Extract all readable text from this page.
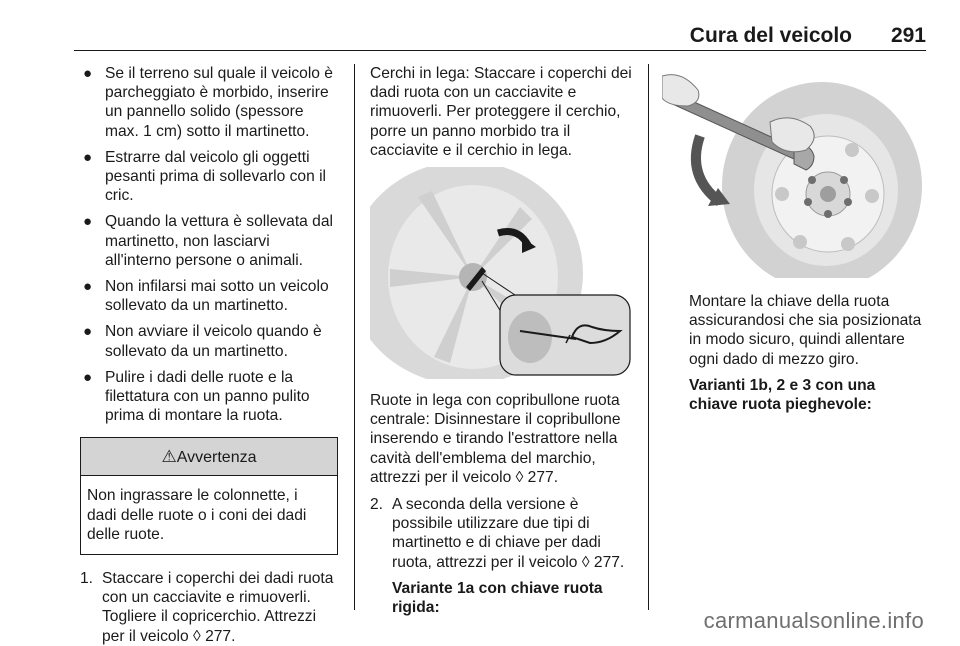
Cura del veicolo 291
● Se il terreno sul quale il veicolo è parcheggiato è morbido, inserire un pannello solido (spessore max. 1 cm) sotto il martinetto.
● Estrarre dal veicolo gli oggetti pesanti prima di sollevarlo con il cric.
● Quando la vettura è sollevata dal martinetto, non lasciarvi all'interno persone o animali.
● Non infilarsi mai sotto un veicolo sollevato da un martinetto.
● Non avviare il veicolo quando è sollevato da un martinetto.
● Pulire i dadi delle ruote e la filettatura con un panno pulito prima di montare la ruota.
⚠Avvertenza
Non ingrassare le colonnette, i dadi delle ruote o i coni dei dadi delle ruote.
1. Staccare i coperchi dei dadi ruota con un cacciavite e rimuoverli. Togliere il copricerchio. Attrezzi per il veicolo ◊ 277.

Cerchi in lega: Staccare i coperchi dei dadi ruota con un cacciavite e rimuoverli. Per proteggere il cerchio, porre un panno morbido tra il cacciavite e il cerchio in lega.

Ruote in lega con copribullone ruota centrale: Disinnestare il copribullone inserendo e tirando l'estrattore nella cavità dell'emblema del marchio, attrezzi per il veicolo ◊ 277.

2. A seconda della versione è possibile utilizzare due tipi di martinetto e di chiave per dadi ruota, attrezzi per il veicolo ◊ 277.
Variante 1a con chiave ruota rigida:

Montare la chiave della ruota assicurandosi che sia posizionata in modo sicuro, quindi allentare ogni dado di mezzo giro.

Varianti 1b, 2 e 3 con una chiave ruota pieghevole:

carmanualsonline.info
